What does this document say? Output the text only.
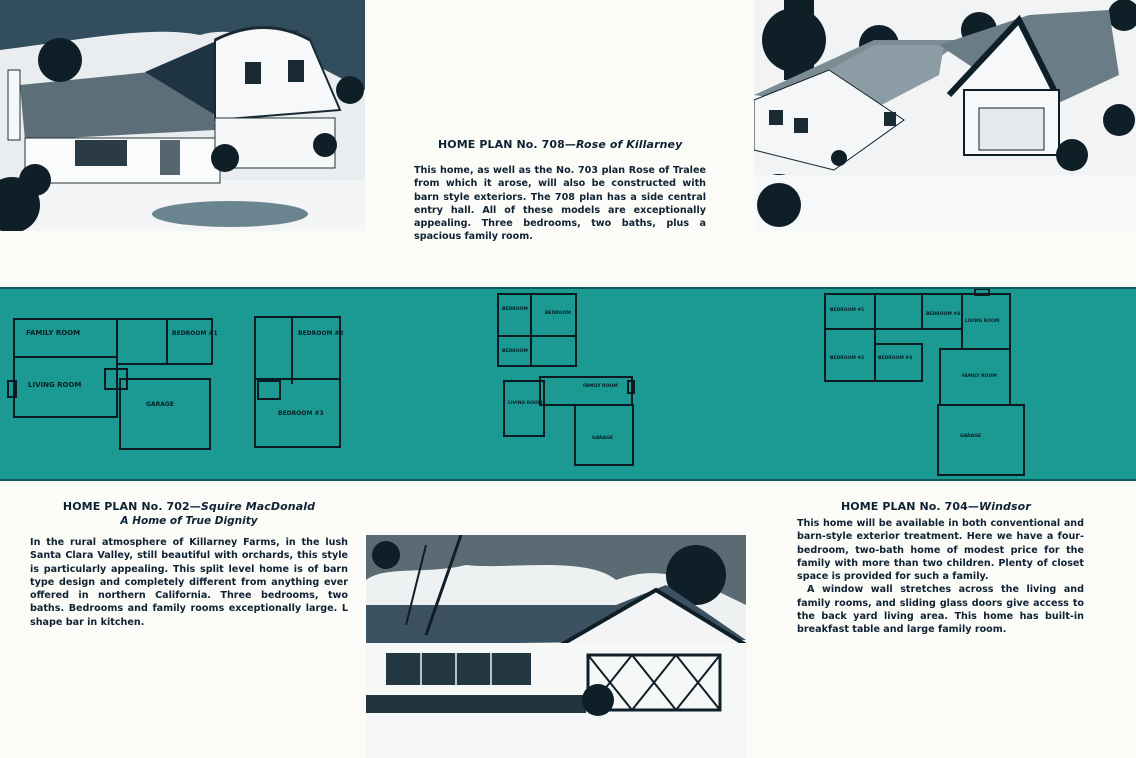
HOME PLAN No. 708—Rose of Killarney
This home, as well as the No. 703 plan Rose of Tralee from which it arose, will also be constructed with barn style exteriors. The 708 plan has a side central entry hall. All of these models are exceptionally appealing. Three bedrooms, two baths, plus a spacious family room.
FAMILY ROOM	BEDROOM #1
LIVING ROOM
GARAGE
BEDROOM #2
BEDROOM #3
BEDROOM
BEDROOM
BEDROOM
FAMILY ROOM
LIVING ROOM
GARAGE
BEDROOM #1
BEDROOM #4
BEDROOM #2	BEDROOM #3
LIVING ROOM
FAMILY ROOM
GARAGE
HOME PLAN No. 702—Squire MacDonald
A Home of True Dignity
In the rural atmosphere of Killarney Farms, in the lush Santa Clara Valley, still beautiful with orchards, this style is particularly appealing. This split level home is of barn type design and completely different from anything ever offered in northern California. Three bedrooms, two baths. Bedrooms and family rooms exceptionally large. L shape bar in kitchen.
HOME PLAN No. 704—Windsor
This home will be available in both conventional and barn-style exterior treatment. Here we have a four-bedroom, two-bath home of modest price for the family with more than two children. Plenty of closet space is provided for such a family.
A window wall stretches across the living and family rooms, and sliding glass doors give access to the back yard living area. This home has built-in breakfast table and large family room.
